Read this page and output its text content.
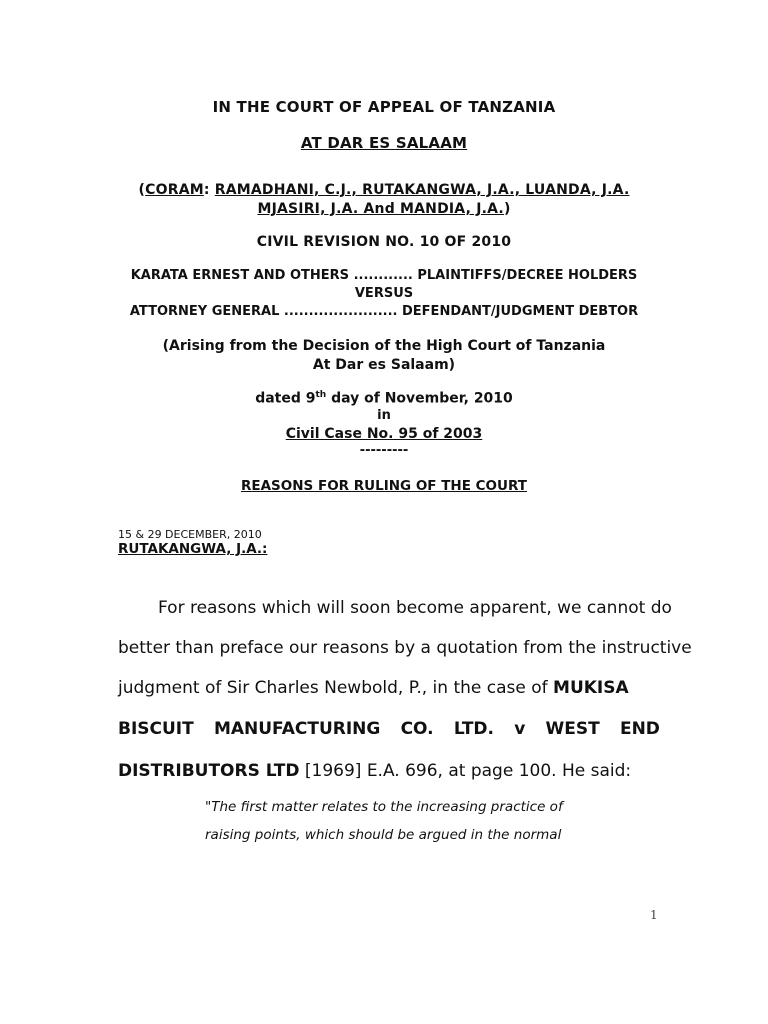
IN THE COURT OF APPEAL OF TANZANIA
AT DAR ES SALAAM
(CORAM: RAMADHANI, C.J., RUTAKANGWA, J.A., LUANDA, J.A.
MJASIRI, J.A. And MANDIA, J.A.)
CIVIL REVISION NO. 10 OF 2010
KARATA ERNEST AND OTHERS ............ PLAINTIFFS/DECREE HOLDERS
VERSUS
ATTORNEY GENERAL ....................... DEFENDANT/JUDGMENT DEBTOR
(Arising from the Decision of the High Court of Tanzania
At Dar es Salaam)
dated 9th day of November, 2010
in
Civil Case No. 95 of 2003
---------
REASONS FOR RULING OF THE COURT
15 & 29 DECEMBER, 2010
RUTAKANGWA, J.A.:
For reasons which will soon become apparent, we cannot do
better than preface our reasons by a quotation from the instructive
judgment of Sir Charles Newbold, P., in the case of MUKISA
BISCUIT MANUFACTURING CO. LTD. v WEST END
DISTRIBUTORS LTD [1969] E.A. 696, at page 100. He said:
"The first matter relates to the increasing practice of
raising points, which should be argued in the normal
1
